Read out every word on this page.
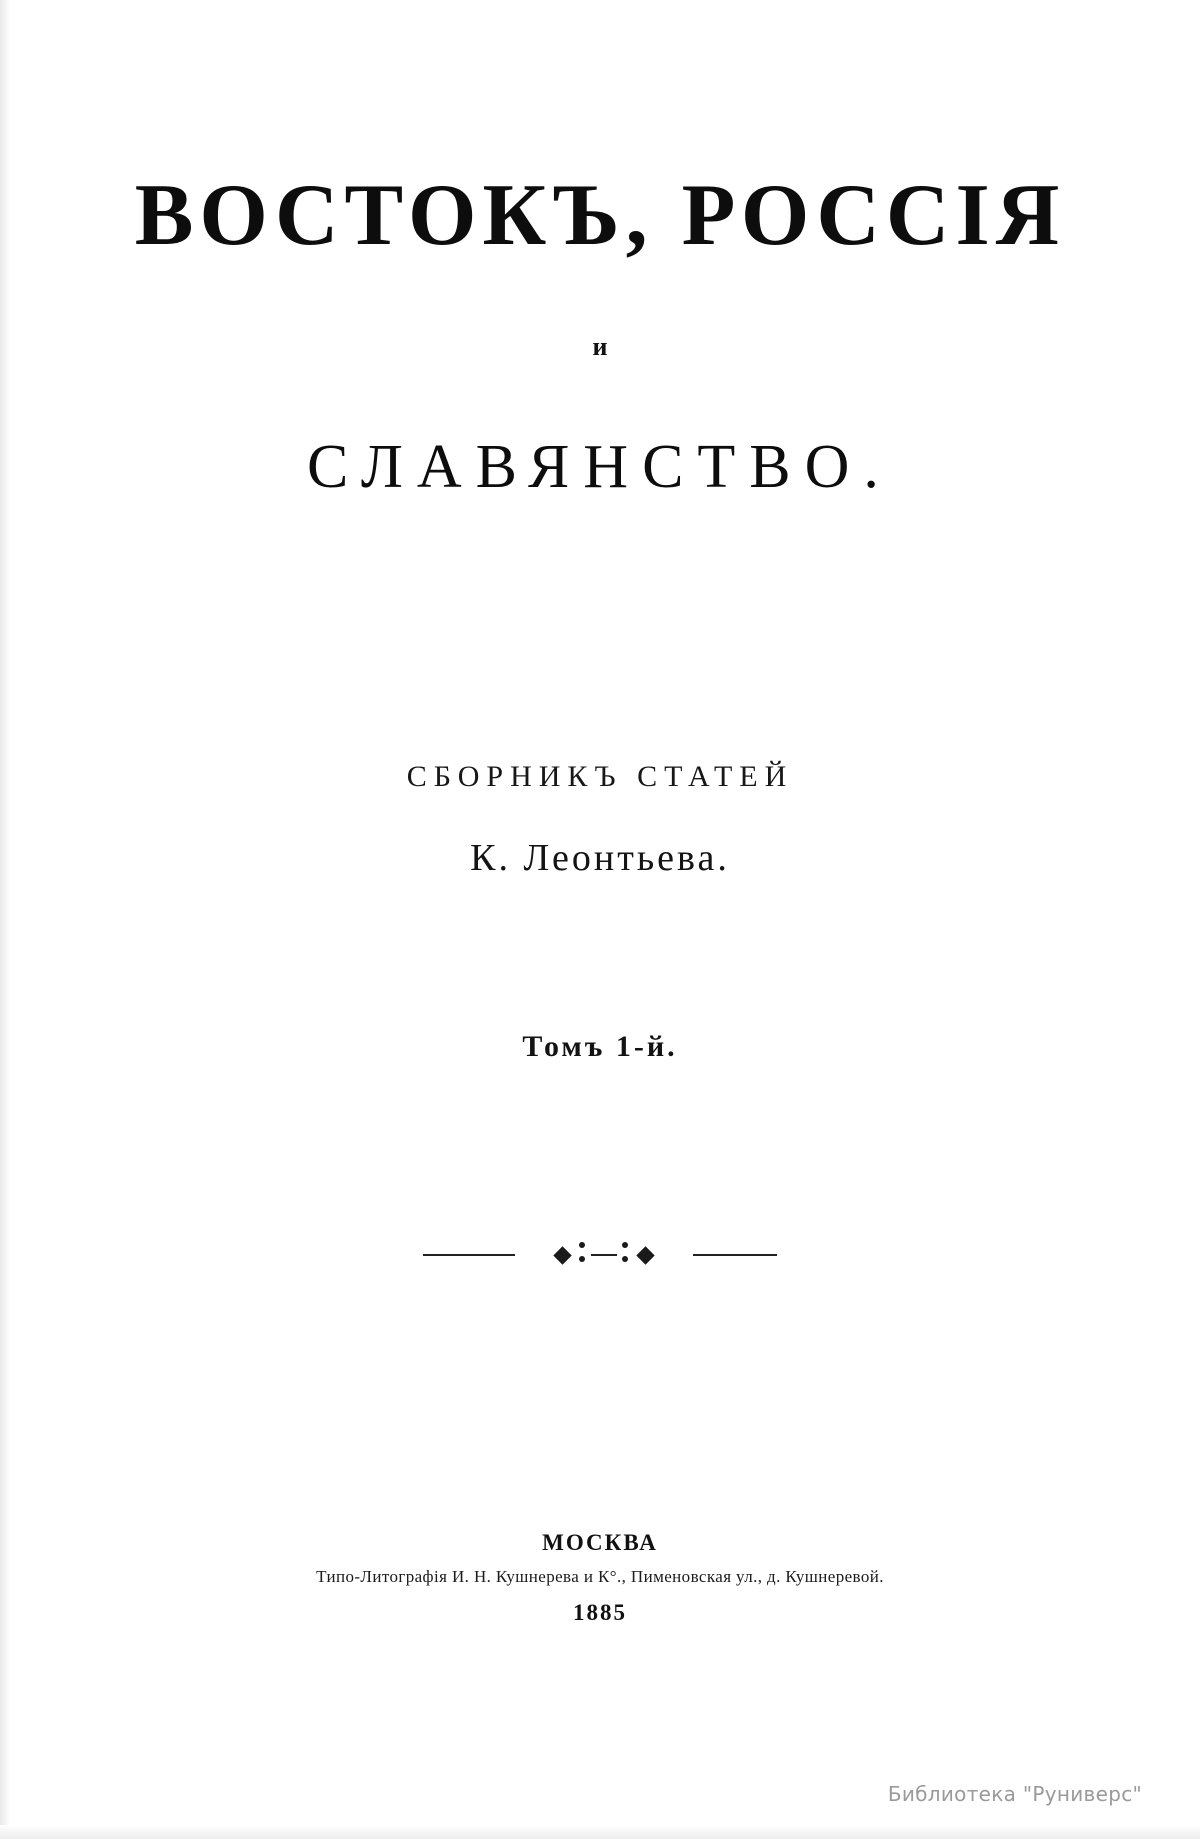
ВОСТОКЪ, РОССІЯ

и

СЛАВЯНСТВО.

СБОРНИКЪ СТАТЕЙ

К. Леонтьева.

Томъ 1-й.

МОСКВА

Типо-Литографія И. Н. Кушнерева и К°., Пименовская ул., д. Кушнеревой.

1885

Библиотека "Руниверс"
